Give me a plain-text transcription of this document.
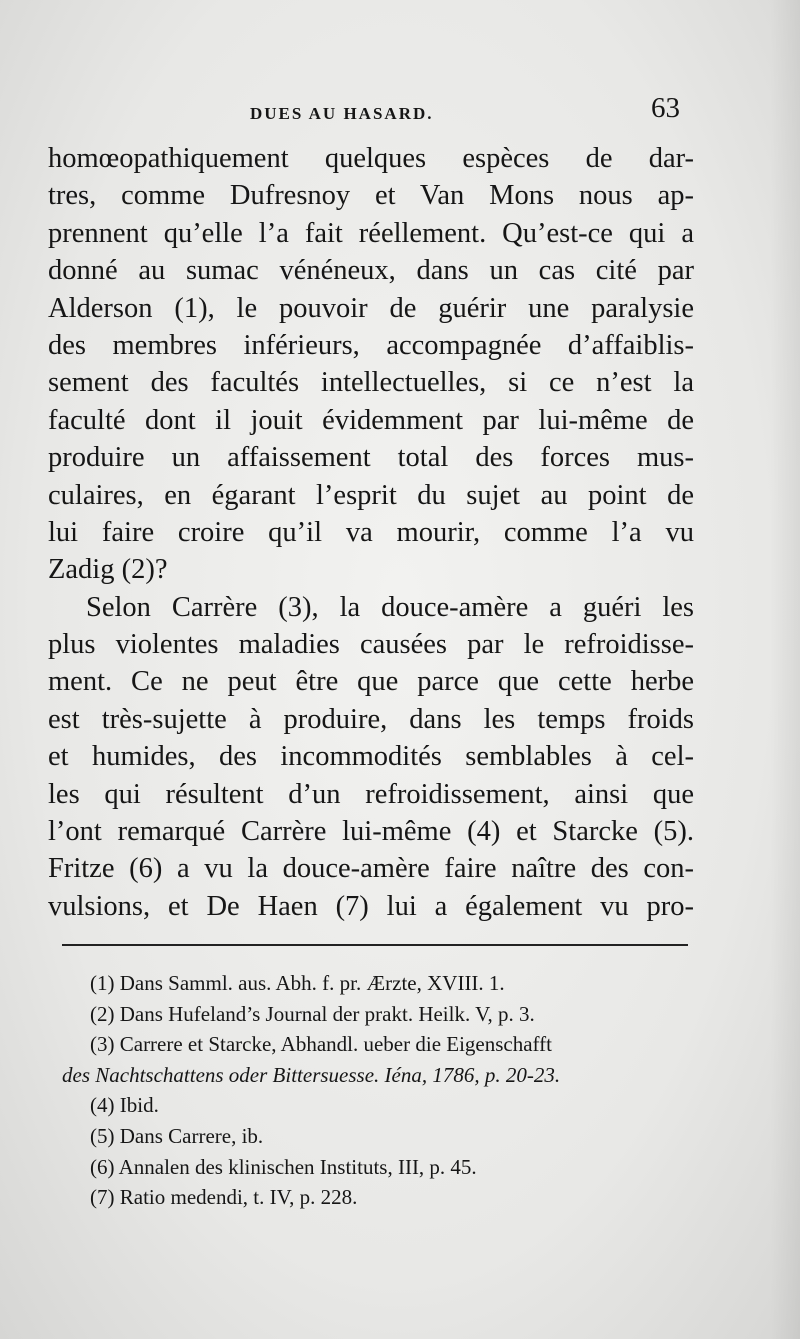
DUES AU HASARD.	63
homœopathiquement quelques espèces de dar-
tres, comme Dufresnoy et Van Mons nous ap-
prennent qu’elle l’a fait réellement. Qu’est-ce qui a
donné au sumac vénéneux, dans un cas cité par
Alderson (1), le pouvoir de guérir une paralysie
des membres inférieurs, accompagnée d’affaiblis-
sement des facultés intellectuelles, si ce n’est la
faculté dont il jouit évidemment par lui-même de
produire un affaissement total des forces mus-
culaires, en égarant l’esprit du sujet au point de
lui faire croire qu’il va mourir, comme l’a vu
Zadig (2)?
Selon Carrère (3), la douce-amère a guéri les
plus violentes maladies causées par le refroidisse-
ment. Ce ne peut être que parce que cette herbe
est très-sujette à produire, dans les temps froids
et humides, des incommodités semblables à cel-
les qui résultent d’un refroidissement, ainsi que
l’ont remarqué Carrère lui-même (4) et Starcke (5).
Fritze (6) a vu la douce-amère faire naître des con-
vulsions, et De Haen (7) lui a également vu pro-
(1) Dans Samml. aus. Abh. f. pr. Ærzte, XVIII. 1.
(2) Dans Hufeland’s Journal der prakt. Heilk. V, p. 3.
(3) Carrere et Starcke, Abhandl. ueber die Eigenschafft
des Nachtschattens oder Bittersuesse. Iéna, 1786, p. 20-23.
(4) Ibid.
(5) Dans Carrere, ib.
(6) Annalen des klinischen Instituts, III, p. 45.
(7) Ratio medendi, t. IV, p. 228.
